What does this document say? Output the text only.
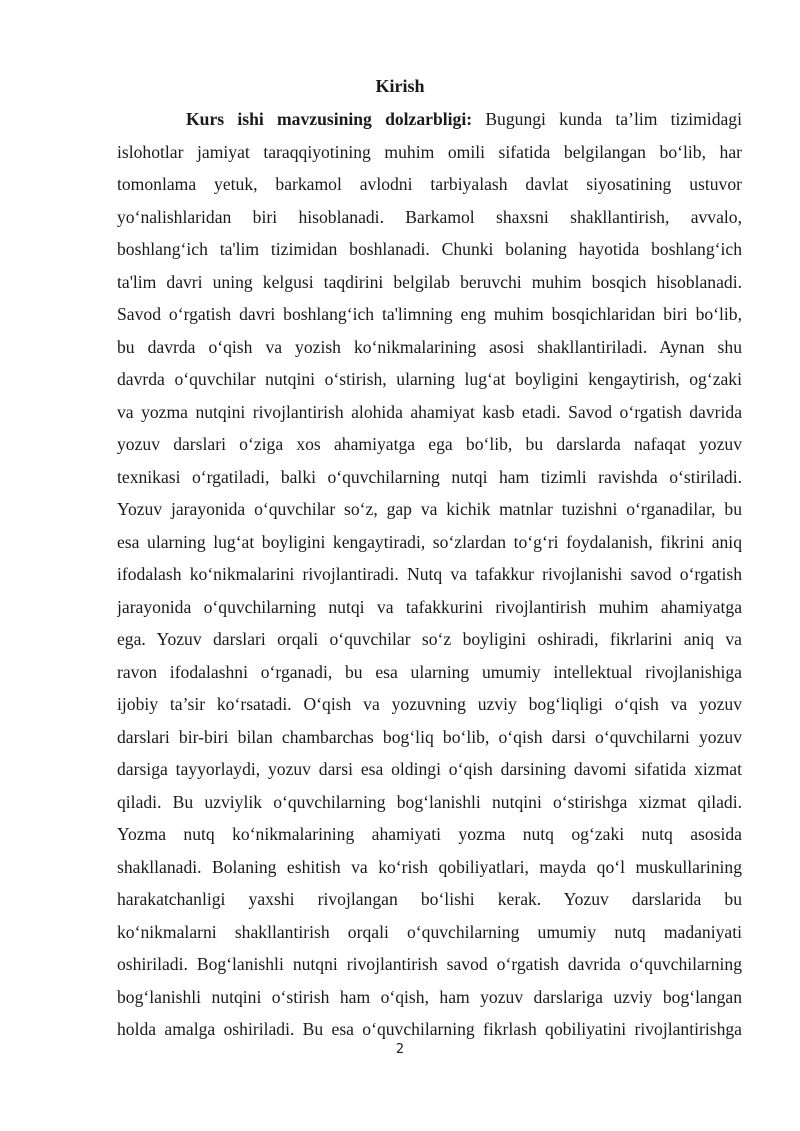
Kirish
Kurs ishi mavzusining dolzarbligi: Bugungi kunda ta’lim tizimidagi
islohotlar jamiyat taraqqiyotining muhim omili sifatida belgilangan bo‘lib, har
tomonlama yetuk, barkamol avlodni tarbiyalash davlat siyosatining ustuvor
yo‘nalishlaridan biri hisoblanadi. Barkamol shaxsni shakllantirish, avvalo,
boshlang‘ich ta'lim tizimidan boshlanadi. Chunki bolaning hayotida boshlang‘ich
ta'lim davri uning kelgusi taqdirini belgilab beruvchi muhim bosqich hisoblanadi.
Savod o‘rgatish davri boshlang‘ich ta'limning eng muhim bosqichlaridan biri bo‘lib,
bu davrda o‘qish va yozish ko‘nikmalarining asosi shakllantiriladi. Aynan shu
davrda o‘quvchilar nutqini o‘stirish, ularning lug‘at boyligini kengaytirish, og‘zaki
va yozma nutqini rivojlantirish alohida ahamiyat kasb etadi. Savod o‘rgatish davrida
yozuv darslari o‘ziga xos ahamiyatga ega bo‘lib, bu darslarda nafaqat yozuv
texnikasi o‘rgatiladi, balki o‘quvchilarning nutqi ham tizimli ravishda o‘stiriladi.
Yozuv jarayonida o‘quvchilar so‘z, gap va kichik matnlar tuzishni o‘rganadilar, bu
esa ularning lug‘at boyligini kengaytiradi, so‘zlardan to‘g‘ri foydalanish, fikrini aniq
ifodalash ko‘nikmalarini rivojlantiradi. Nutq va tafakkur rivojlanishi savod o‘rgatish
jarayonida o‘quvchilarning nutqi va tafakkurini rivojlantirish muhim ahamiyatga
ega. Yozuv darslari orqali o‘quvchilar so‘z boyligini oshiradi, fikrlarini aniq va
ravon ifodalashni o‘rganadi, bu esa ularning umumiy intellektual rivojlanishiga
ijobiy ta’sir ko‘rsatadi. O‘qish va yozuvning uzviy bog‘liqligi o‘qish va yozuv
darslari bir-biri bilan chambarchas bog‘liq bo‘lib, o‘qish darsi o‘quvchilarni yozuv
darsiga tayyorlaydi, yozuv darsi esa oldingi o‘qish darsining davomi sifatida xizmat
qiladi. Bu uzviylik o‘quvchilarning bog‘lanishli nutqini o‘stirishga xizmat qiladi.
Yozma nutq ko‘nikmalarining ahamiyati yozma nutq og‘zaki nutq asosida
shakllanadi. Bolaning eshitish va ko‘rish qobiliyatlari, mayda qo‘l muskullarining
harakatchanligi yaxshi rivojlangan bo‘lishi kerak. Yozuv darslarida bu
ko‘nikmalarni shakllantirish orqali o‘quvchilarning umumiy nutq madaniyati
oshiriladi. Bog‘lanishli nutqni rivojlantirish savod o‘rgatish davrida o‘quvchilarning
bog‘lanishli nutqini o‘stirish ham o‘qish, ham yozuv darslariga uzviy bog‘langan
holda amalga oshiriladi. Bu esa o‘quvchilarning fikrlash qobiliyatini rivojlantirishga
2
